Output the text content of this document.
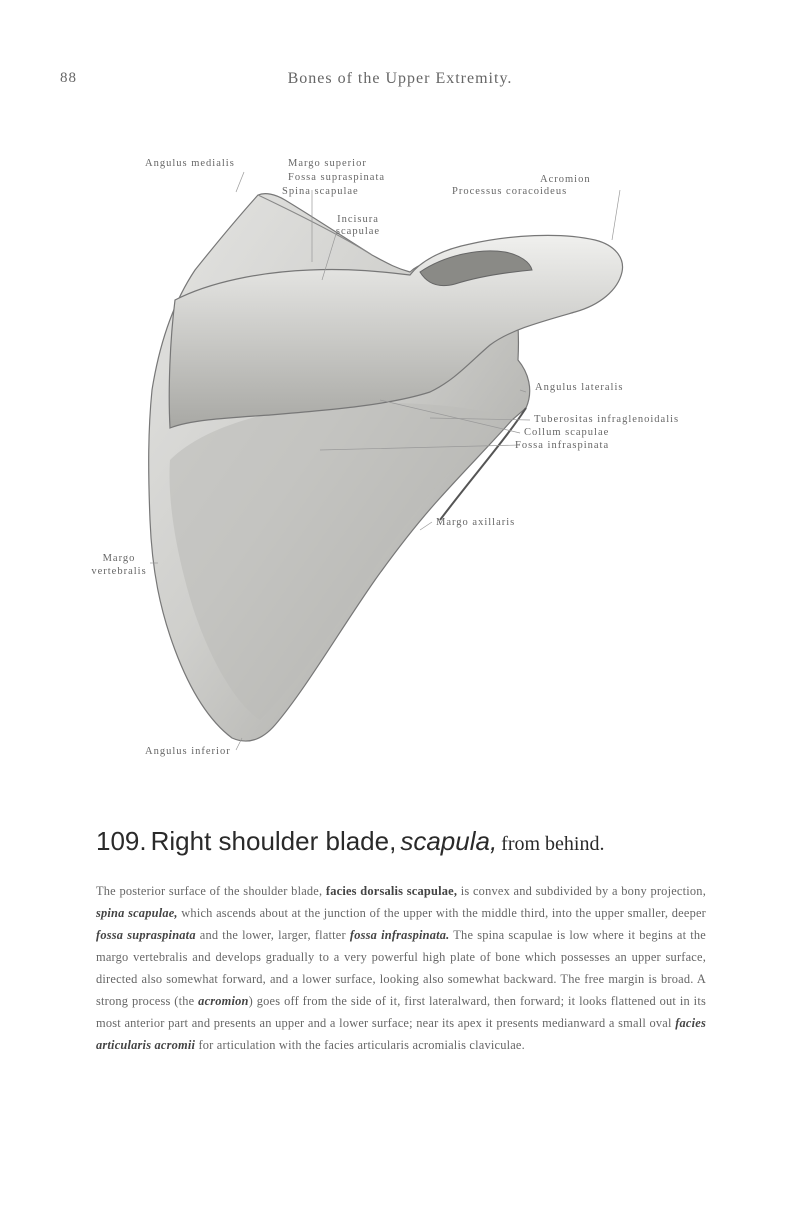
88	Bones of the Upper Extremity.
Angulus medialis	Margo superior
Fossa supraspinata
Spina scapulae
Acromion
Processus coracoideus
Incisura
scapulae
Angulus lateralis
Tuberositas infraglenoidalis
Collum scapulae
Fossa infraspinata
Margo axillaris
Margo
vertebralis
Angulus inferior
109. Right shoulder blade, scapula, from behind.
The posterior surface of the shoulder blade, facies dorsalis scapulae, is convex and subdivided by a bony projection, spina scapulae, which ascends about at the junction of the upper with the middle third, into the upper smaller, deeper fossa supraspinata and the lower, larger, flatter fossa infraspinata. The spina scapulae is low where it begins at the margo vertebralis and develops gradually to a very powerful high plate of bone which possesses an upper surface, directed also somewhat forward, and a lower surface, looking also somewhat backward. The free margin is broad. A strong process (the acromion) goes off from the side of it, first lateralward, then forward; it looks flattened out in its most anterior part and presents an upper and a lower surface; near its apex it presents medianward a small oval facies articularis acromii for articulation with the facies articularis acromialis claviculae.
